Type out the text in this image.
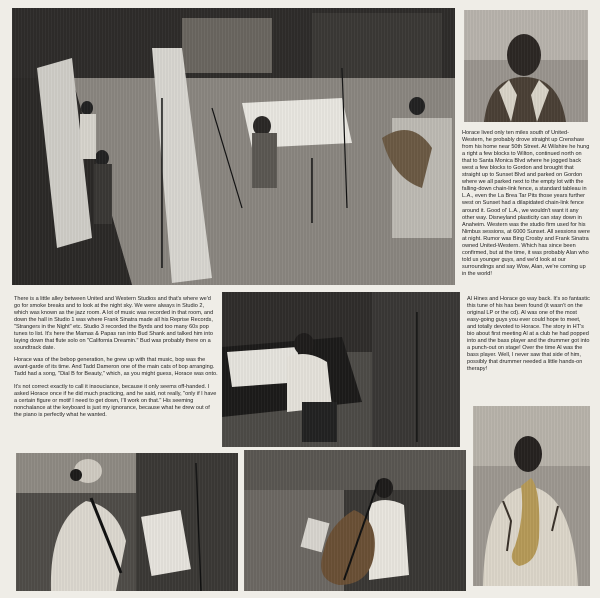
Horace lived only ten miles south of United-Western, he probably drove straight up Crenshaw from his home near 50th Street. At Wilshire he hung a right a few blocks to Wilton, continued north on that to Santa Monica Blvd where he jogged back west a few blocks to Gordon and brought that straight up to Sunset Blvd and parked on Gordon where we all parked next to the empty lot with the falling-down chain-link fence, a standard tableau in L.A., even the La Brea Tar Pits those years further west on Sunset had a dilapidated chain-link fence around it. Good ol' L.A., we wouldn't want it any other way. Disneyland plasticity can stay down in Anaheim. Western was the studio firm used for his Nimbus sessions, at 6000 Sunset. All sessions were at night. Rumor was Bing Crosby and Frank Sinatra owned United-Western. Which has since been confirmed, but at the time, it was probably Alan who told us younger guys, and we'd look at our surroundings and say Wow, Alan, we're coming up in the world!

There is a little alley between United and Western Studios and that's where we'd go for smoke breaks and to look at the night sky. We were always in Studio 2, which was known as the jazz room. A lot of music was recorded in that room, and down the hall in Studio 1 was where Frank Sinatra made all his Reprise Records, "Strangers in the Night" etc. Studio 3 recorded the Byrds and too many 60s pop tunes to list. It's here the Mamas & Papas ran into Bud Shank and talked him into laying down that flute solo on "California Dreamin." Bud was probably there on a soundtrack date.

Horace was of the bebop generation, he grew up with that music, bop was the avant-garde of its time. And Tadd Dameron one of the main cats of bop arranging. Tadd had a song, "Dial B for Beauty," which, as you might guess, Horace was onto.

It's not correct exactly to call it insouciance, because it only seems off-handed. I asked Horace once if he did much practicing, and he said, not really, "only if I have a certain figure or motif I need to get down, I'll work on that." His seeming nonchalance at the keyboard is just my ignorance, because what he drew out of the piano is perfectly what he wanted.

Al Hines and Horace go way back. It's so fantastic this tune of his has been found (it wasn't on the original LP or the cd). Al was one of the most easy-going guys you ever could hope to meet, and totally devoted to Horace. The story in HT's bio about first meeting Al at a club he had popped into and the bass player and the drummer got into a punch-out on stage! Over the time Al was the bass player. Well, I never saw that side of him, possibly that drummer needed a little hands-on therapy!
